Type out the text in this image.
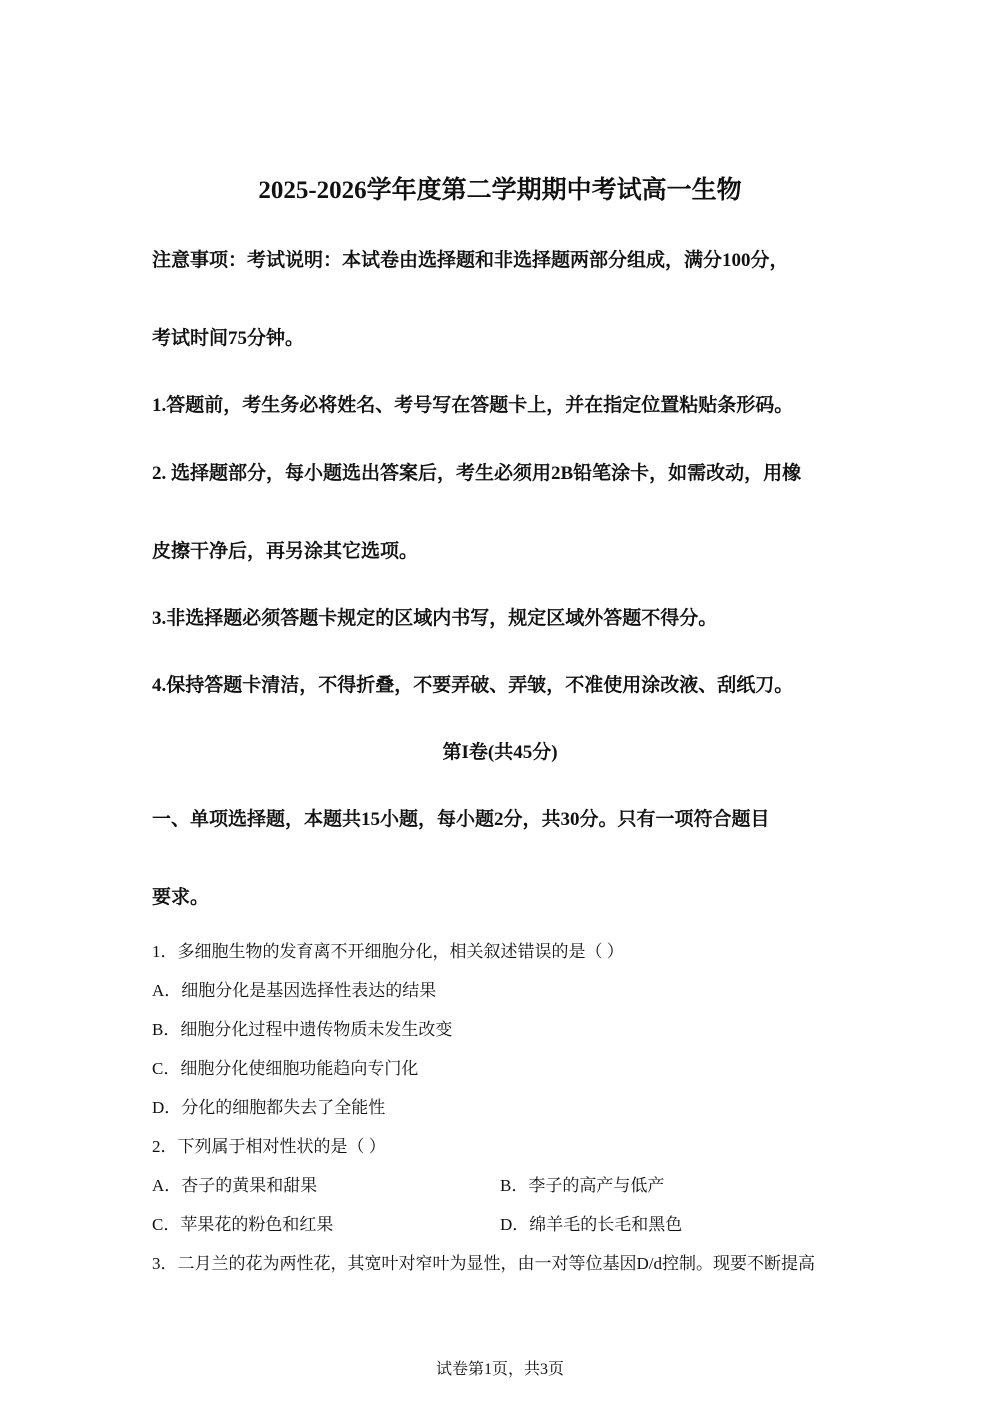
2025-2026学年度第二学期期中考试高一生物
注意事项：考试说明：本试卷由选择题和非选择题两部分组成，满分100分，
考试时间75分钟。
1.答题前，考生务必将姓名、考号写在答题卡上，并在指定位置粘贴条形码。
2. 选择题部分，每小题选出答案后，考生必须用2B铅笔涂卡，如需改动，用橡
皮擦干净后，再另涂其它选项。
3.非选择题必须答题卡规定的区域内书写，规定区域外答题不得分。
4.保持答题卡清洁，不得折叠，不要弄破、弄皱，不准使用涂改液、刮纸刀。
第I卷(共45分)
一、单项选择题，本题共15小题，每小题2分，共30分。只有一项符合题目
要求。
1．多细胞生物的发育离不开细胞分化，相关叙述错误的是（ ）
A．细胞分化是基因选择性表达的结果
B．细胞分化过程中遗传物质未发生改变
C．细胞分化使细胞功能趋向专门化
D．分化的细胞都失去了全能性
2．下列属于相对性状的是（ ）
A．杏子的黄果和甜果	B．李子的高产与低产
C．苹果花的粉色和红果	D．绵羊毛的长毛和黑色
3．二月兰的花为两性花，其宽叶对窄叶为显性，由一对等位基因D/d控制。现要不断提高
试卷第1页，共3页
